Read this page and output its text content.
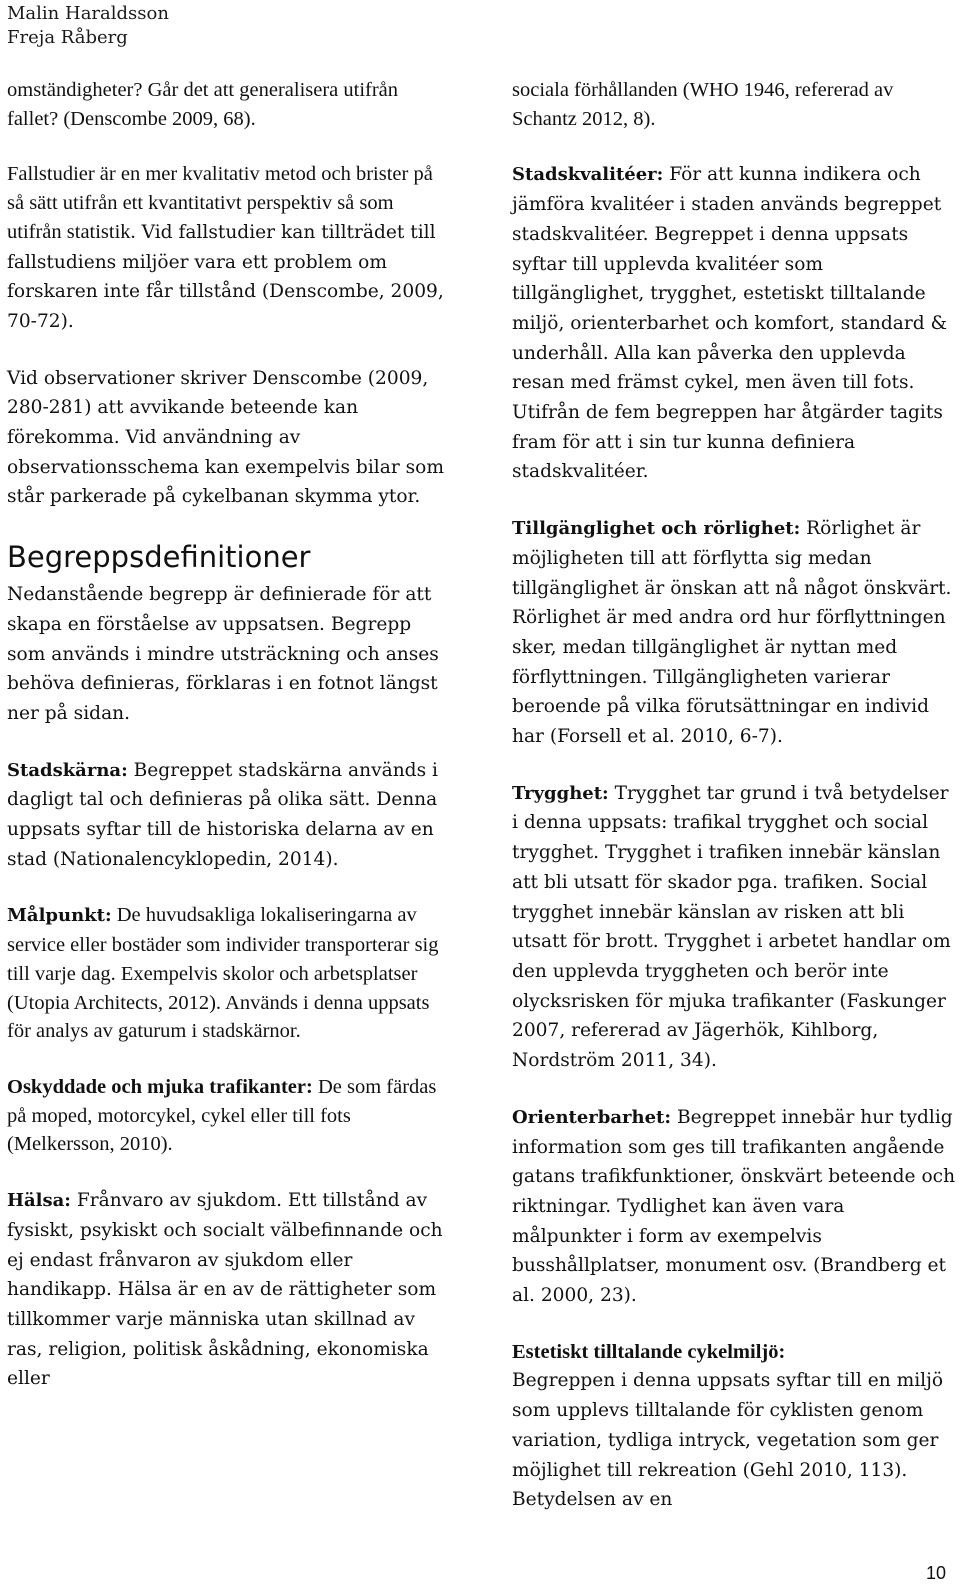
Malin Haraldsson
Freja Råberg

omständigheter? Går det att generalisera utifrån fallet? (Denscombe 2009, 68).

Fallstudier är en mer kvalitativ metod och brister på så sätt utifrån ett kvantitativt perspektiv så som utifrån statistik. Vid fallstudier kan tillträdet till fallstudiens miljöer vara ett problem om forskaren inte får tillstånd (Denscombe, 2009, 70-72).

Vid observationer skriver Denscombe (2009, 280-281) att avvikande beteende kan förekomma. Vid användning av observationsschema kan exempelvis bilar som står parkerade på cykelbanan skymma ytor.

Begreppsdefinitioner

Nedanstående begrepp är definierade för att skapa en förståelse av uppsatsen. Begrepp som används i mindre utsträckning och anses behöva definieras, förklaras i en fotnot längst ner på sidan.

Stadskärna: Begreppet stadskärna används i dagligt tal och definieras på olika sätt. Denna uppsats syftar till de historiska delarna av en stad (Nationalencyklopedin, 2014).

Målpunkt: De huvudsakliga lokaliseringarna av service eller bostäder som individer transporterar sig till varje dag. Exempelvis skolor och arbetsplatser (Utopia Architects, 2012). Används i denna uppsats för analys av gaturum i stadskärnor.

Oskyddade och mjuka trafikanter: De som färdas på moped, motorcykel, cykel eller till fots (Melkersson, 2010).

Hälsa: Frånvaro av sjukdom. Ett tillstånd av fysiskt, psykiskt och socialt välbefinnande och ej endast frånvaron av sjukdom eller handikapp. Hälsa är en av de rättigheter som tillkommer varje människa utan skillnad av ras, religion, politisk åskådning, ekonomiska eller

sociala förhållanden (WHO 1946, refererad av Schantz 2012, 8).

Stadskvalitéer: För att kunna indikera och jämföra kvalitéer i staden används begreppet stadskvalitéer. Begreppet i denna uppsats syftar till upplevda kvalitéer som tillgänglighet, trygghet, estetiskt tilltalande miljö, orienterbarhet och komfort, standard & underhåll. Alla kan påverka den upplevda resan med främst cykel, men även till fots. Utifrån de fem begreppen har åtgärder tagits fram för att i sin tur kunna definiera stadskvalitéer.

Tillgänglighet och rörlighet: Rörlighet är möjligheten till att förflytta sig medan tillgänglighet är önskan att nå något önskvärt. Rörlighet är med andra ord hur förflyttningen sker, medan tillgänglighet är nyttan med förflyttningen. Tillgängligheten varierar beroende på vilka förutsättningar en individ har (Forsell et al. 2010, 6-7).

Trygghet: Trygghet tar grund i två betydelser i denna uppsats: trafikal trygghet och social trygghet. Trygghet i trafiken innebär känslan att bli utsatt för skador pga. trafiken. Social trygghet innebär känslan av risken att bli utsatt för brott. Trygghet i arbetet handlar om den upplevda tryggheten och berör inte olycksrisken för mjuka trafikanter (Faskunger 2007, refererad av Jägerhök, Kihlborg, Nordström 2011, 34).

Orienterbarhet: Begreppet innebär hur tydlig information som ges till trafikanten angående gatans trafikfunktioner, önskvärt beteende och riktningar. Tydlighet kan även vara målpunkter i form av exempelvis busshållplatser, monument osv. (Brandberg et al. 2000, 23).

Estetiskt tilltalande cykelmiljö:
Begreppen i denna uppsats syftar till en miljö som upplevs tilltalande för cyklisten genom variation, tydliga intryck, vegetation som ger möjlighet till rekreation (Gehl 2010, 113). Betydelsen av en

10
